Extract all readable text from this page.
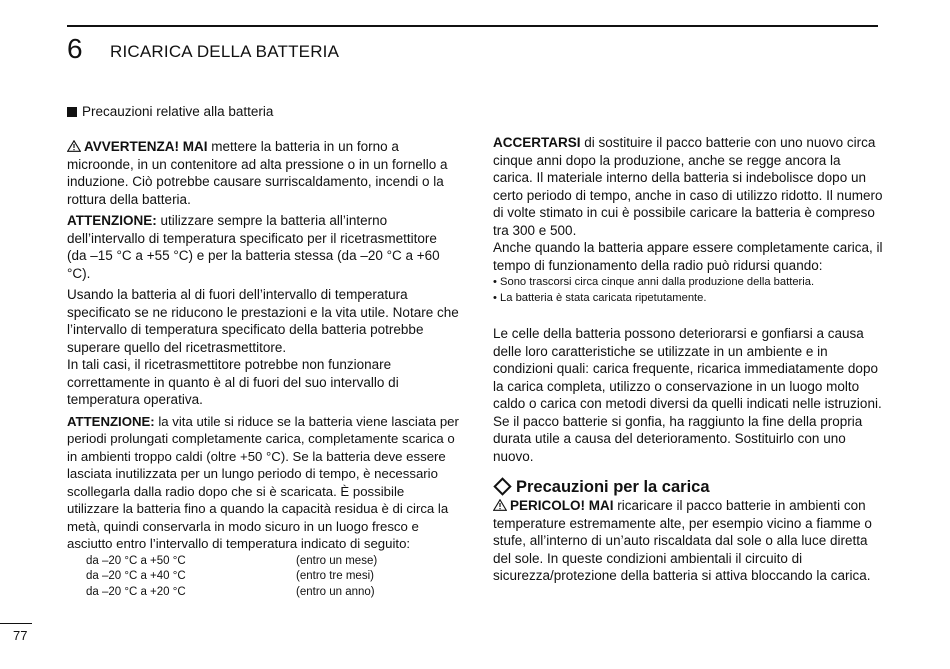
6 RICARICA DELLA BATTERIA
Precauzioni relative alla batteria

AVVERTENZA! MAI mettere la batteria in un forno a microonde, in un contenitore ad alta pressione o in un fornello a induzione. Ciò potrebbe causare surriscaldamento, incendi o la rottura della batteria.

ATTENZIONE: utilizzare sempre la batteria all’interno dell’intervallo di temperatura specificato per il ricetrasmettitore (da –15 °C a +55 °C) e per la batteria stessa (da –20 °C a +60 °C).

Usando la batteria al di fuori dell’intervallo di temperatura specificato se ne riducono le prestazioni e la vita utile. Notare che l’intervallo di temperatura specificato della batteria potrebbe superare quello del ricetrasmettitore.

In tali casi, il ricetrasmettitore potrebbe non funzionare correttamente in quanto è al di fuori del suo intervallo di temperatura operativa.

ATTENZIONE: la vita utile si riduce se la batteria viene lasciata per periodi prolungati completamente carica, completamente scarica o in ambienti troppo caldi (oltre +50 °C). Se la batteria deve essere lasciata inutilizzata per un lungo periodo di tempo, è necessario scollegarla dalla radio dopo che si è scaricata. È possibile utilizzare la batteria fino a quando la capacità residua è di circa la metà, quindi conservarla in modo sicuro in un luogo fresco e asciutto entro l’intervallo di temperatura indicato di seguito:

da –20 °C a +50 °C	(entro un mese)
da –20 °C a +40 °C	(entro tre mesi)
da –20 °C a +20 °C	(entro un anno)

ACCERTARSI di sostituire il pacco batterie con uno nuovo circa cinque anni dopo la produzione, anche se regge ancora la carica. Il materiale interno della batteria si indebolisce dopo un certo periodo di tempo, anche in caso di utilizzo ridotto. Il numero di volte stimato in cui è possibile caricare la batteria è compreso tra 300 e 500.

Anche quando la batteria appare essere completamente carica, il tempo di funzionamento della radio può ridursi quando:

• Sono trascorsi circa cinque anni dalla produzione della batteria.
• La batteria è stata caricata ripetutamente.

Le celle della batteria possono deteriorarsi e gonfiarsi a causa delle loro caratteristiche se utilizzate in un ambiente e in condizioni quali: carica frequente, ricarica immediatamente dopo la carica completa, utilizzo o conservazione in un luogo molto caldo o carica con metodi diversi da quelli indicati nelle istruzioni. Se il pacco batterie si gonfia, ha raggiunto la fine della propria durata utile a causa del deterioramento. Sostituirlo con uno nuovo.

Precauzioni per la carica

PERICOLO! MAI ricaricare il pacco batterie in ambienti con temperature estremamente alte, per esempio vicino a fiamme o stufe, all’interno di un’auto riscaldata dal sole o alla luce diretta del sole. In queste condizioni ambientali il circuito di sicurezza/protezione della batteria si attiva bloccando la carica.

77
